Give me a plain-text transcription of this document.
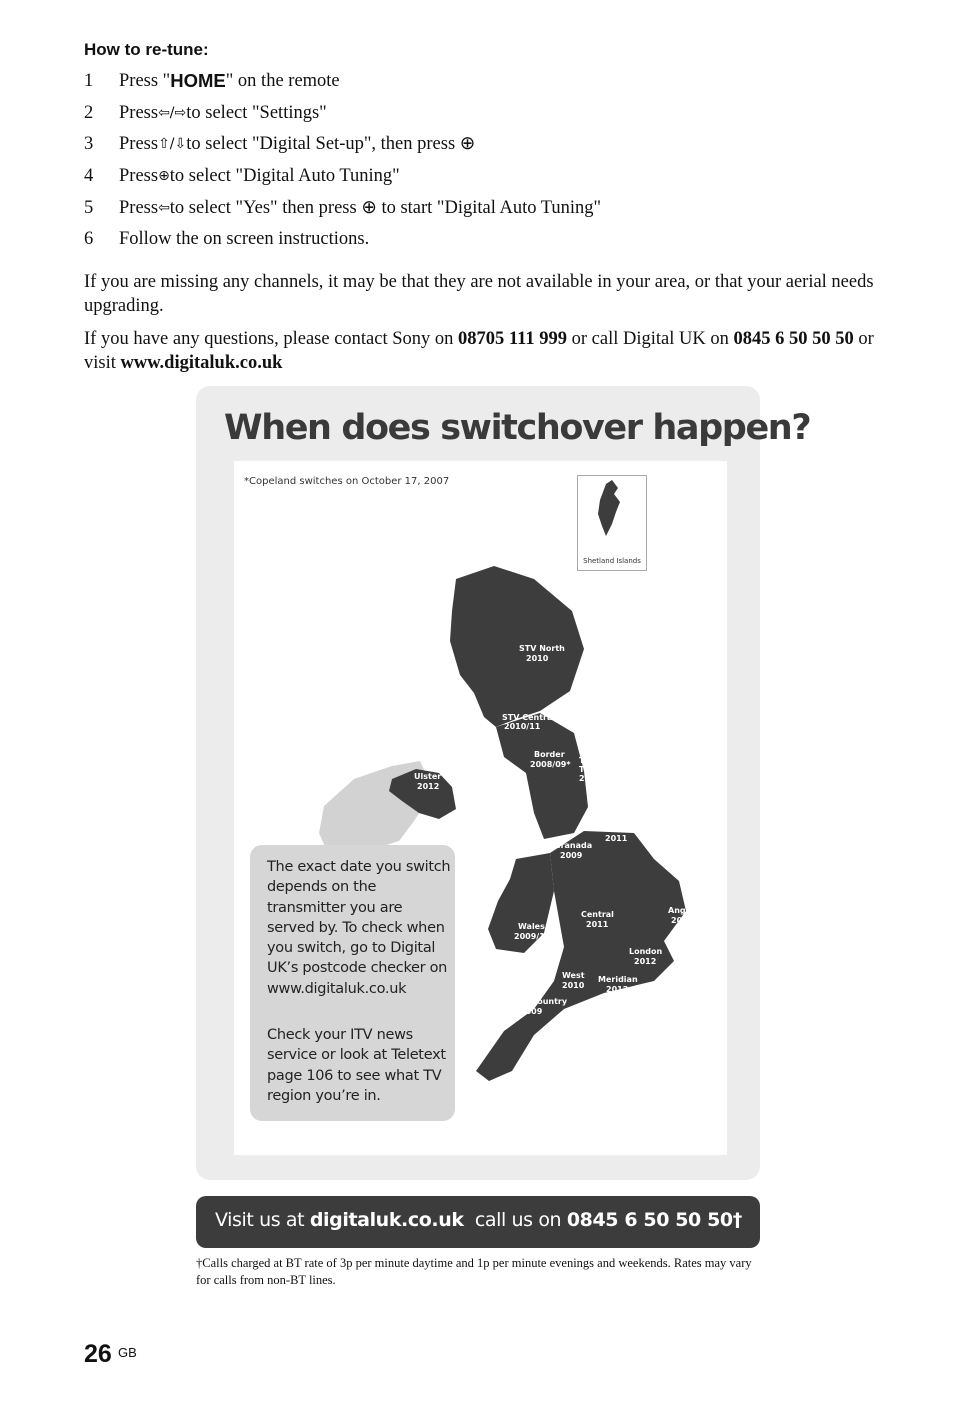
How to re-tune:
1	Press " HOME " on the remote
2	Press ⇦/⇨ to select "Settings"
3	Press ⇧/⇩ to select "Digital Set-up", then press ⊕
4	Press ⊕ to select "Digital Auto Tuning"
5	Press ⇦ to select "Yes" then press ⊕ to start "Digital Auto Tuning"
6	Follow the on screen instructions.

If you are missing any channels, it may be that they are not available in your area, or that your aerial needs upgrading.

If you have any questions, please contact Sony on 08705 111 999 or call Digital UK on 0845 6 50 50 50 or visit www.digitaluk.co.uk

When does switchover happen?
STV North
2010
STV Central
2010/11
Border
2008/09* Tyne
Tees
2012
Ulster
2012
Yorkshire
2011
Granada
2009
Anglia
2011
Central
2011
Wales
2009/10
London
2012
West
2010
Meridian
2012
West Country
2009
*Copeland switches on October 17, 2007
Shetland Islands

The exact date you switch depends on the transmitter you are served by. To check when you switch, go to Digital UK’s postcode checker on www.digitaluk.co.uk

Check your ITV news service or look at Teletext page 106 to see what TV region you’re in.

Visit us at digitaluk.co.uk  call us on 0845 6 50 50 50†

†Calls charged at BT rate of 3p per minute daytime and 1p per minute evenings and weekends. Rates may vary for calls from non-BT lines.

26 GB
